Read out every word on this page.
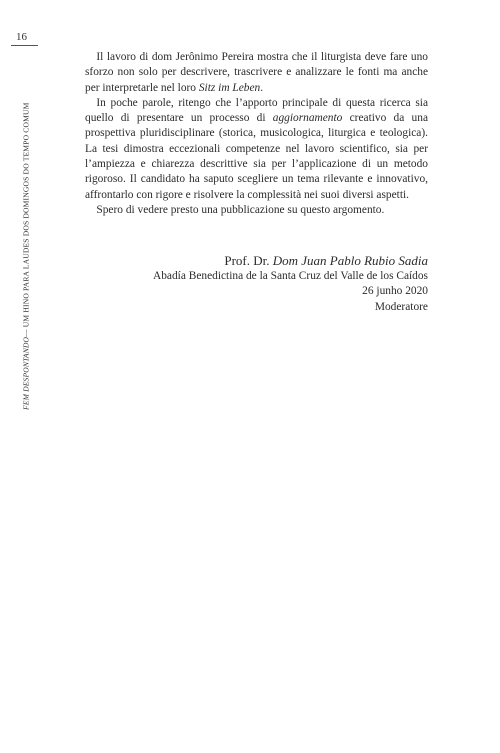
16
FEM DESPONTANDO
— UM HINO PARA LAUDES DOS DOMINGOS DO TEMPO COMUM

 Il lavoro di dom Jerônimo Pereira mostra che il liturgista deve fare uno sforzo non solo per descrivere, trascrivere e analizzare le fonti ma anche per interpretarle nel loro Sitz im Leben.

 In poche parole, ritengo che l’apporto principale di questa ricerca sia quello di presentare un processo di aggiornamento creativo da una prospettiva pluridisciplinare (storica, musicologica, liturgica e teologica). La tesi dimostra eccezionali competenze nel lavoro scientifico, sia per l’ampiezza e chiarezza descrittive sia per l’applicazione di un metodo rigoroso. Il candidato ha saputo scegliere un tema rilevante e innovativo, affrontarlo con rigore e risolvere la complessità nei suoi diversi aspetti.

 Spero di vedere presto una pubblicazione su questo argomento.

Prof. Dr. Dom Juan Pablo Rubio Sadia
Abadía Benedictina de la Santa Cruz del Valle de los Caídos
26 junho 2020
Moderatore
